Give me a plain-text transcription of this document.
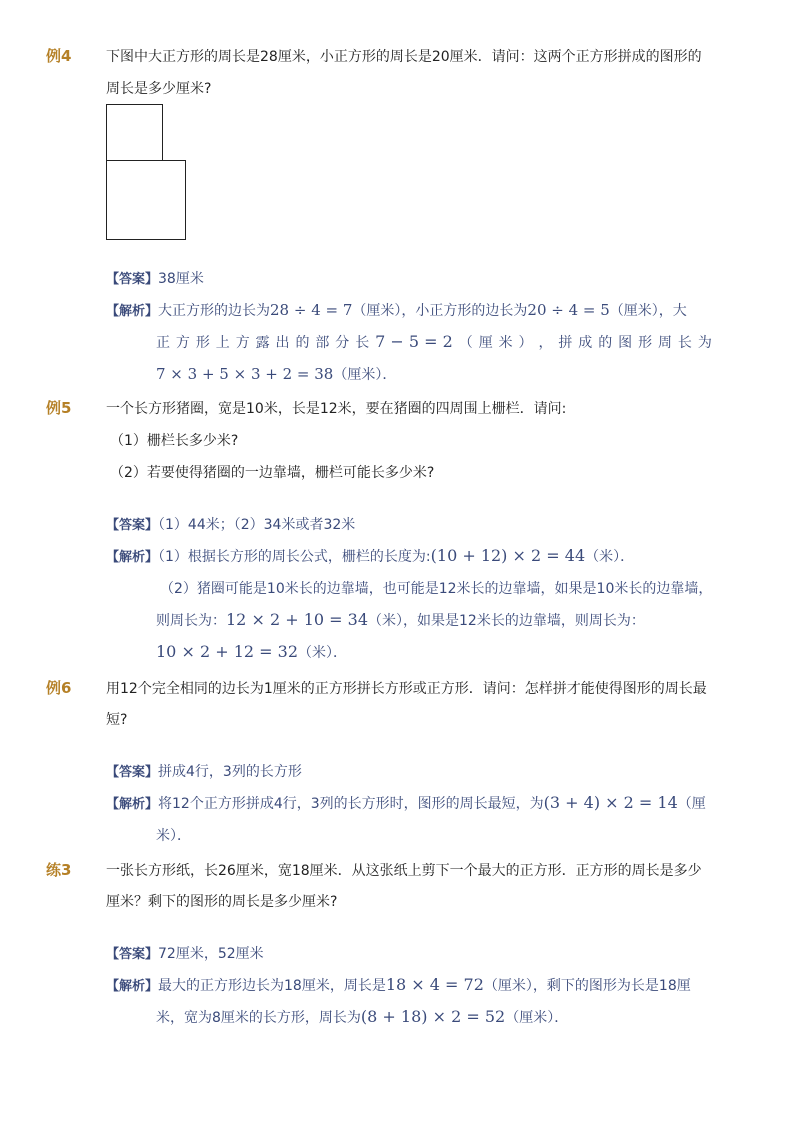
例4 下图中大正方形的周长是28厘米，小正方形的周长是20厘米．请问：这两个正方形拼成的图形的
周长是多少厘米?
【答案】38厘米
【解析】大正方形的边长为28 ÷ 4 = 7（厘米），小正方形的边长为20 ÷ 4 = 5（厘米），大
正 方 形 上 方 露 出 的 部 分 长 7 − 5 = 2 （ 厘 米 ） ， 拼 成 的 图 形 周 长 为
7 × 3 + 5 × 3 + 2 = 38（厘米）．
例5 一个长方形猪圈，宽是10米，长是12米，要在猪圈的四周围上栅栏．请问:
（1）栅栏长多少米?
（2）若要使得猪圈的一边靠墙，栅栏可能长多少米?
【答案】（1）44米；（2）34米或者32米
【解析】（1）根据长方形的周长公式，栅栏的长度为:(10 + 12) × 2 = 44（米）．
（2）猪圈可能是10米长的边靠墙，也可能是12米长的边靠墙，如果是10米长的边靠墙，
则周长为：12 × 2 + 10 = 34（米），如果是12米长的边靠墙，则周长为：
10 × 2 + 12 = 32（米）．
例6 用12个完全相同的边长为1厘米的正方形拼长方形或正方形．请问：怎样拼才能使得图形的周长最
短?
【答案】拼成4行，3列的长方形
【解析】将12个正方形拼成4行，3列的长方形时，图形的周长最短，为(3 + 4) × 2 = 14（厘
米）．
练3 一张长方形纸，长26厘米，宽18厘米．从这张纸上剪下一个最大的正方形．正方形的周长是多少
厘米？剩下的图形的周长是多少厘米?
【答案】72厘米，52厘米
【解析】最大的正方形边长为18厘米，周长是18 × 4 = 72（厘米），剩下的图形为长是18厘
米，宽为8厘米的长方形，周长为(8 + 18) × 2 = 52（厘米）．
